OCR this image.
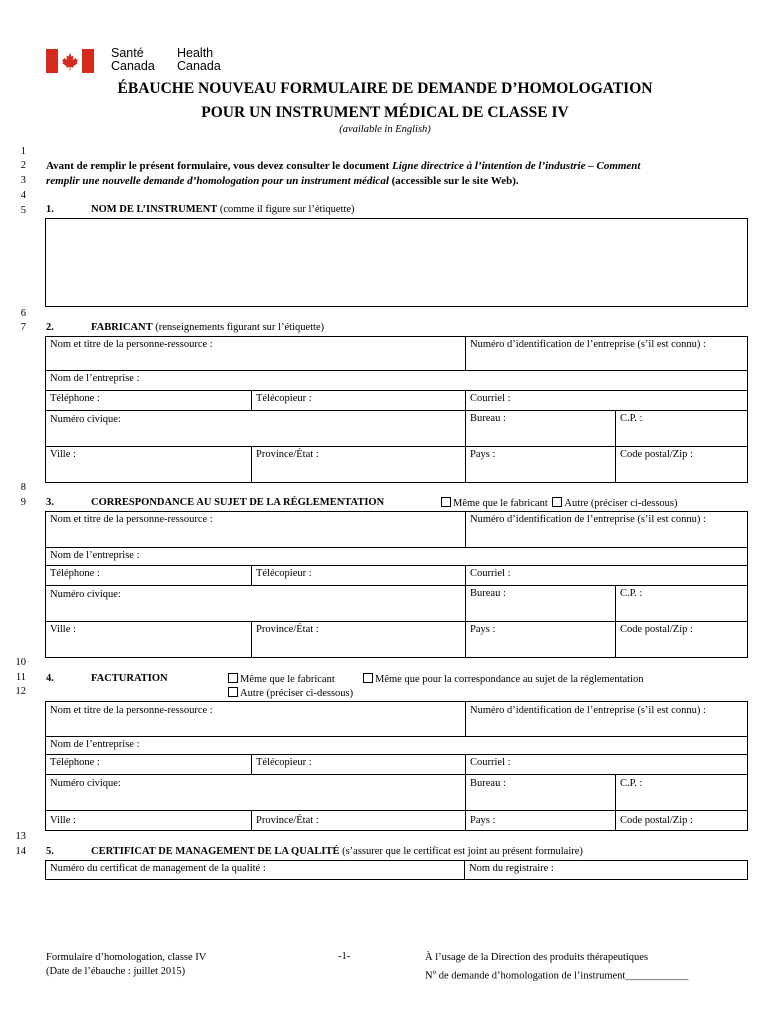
Santé
Canada
Health
Canada
ÉBAUCHE NOUVEAU FORMULAIRE DE DEMANDE D’HOMOLOGATION
POUR UN INSTRUMENT MÉDICAL DE CLASSE IV
(available in English)
1
2
3
4
5
6
7
8
9
10
11
12
13
14
Avant de remplir le présent formulaire, vous devez consulter le document Ligne directrice à l’intention de l’industrie – Comment
remplir une nouvelle demande d’homologation pour un instrument médical (accessible sur le site Web).
1.	NOM DE L’INSTRUMENT (comme il figure sur l’étiquette)
2.	FABRICANT (renseignements figurant sur l’étiquette)
Nom et titre de la personne-ressource :	Numéro d’identification de l’entreprise (s’il est connu) :
Nom de l’entreprise :
Téléphone :	Télécopieur :	Courriel :
Numéro civique:	Bureau :	C.P. :
Ville :	Province/État :	Pays :	Code postal/Zip :
3.	CORRESPONDANCE AU SUJET DE LA RÉGLEMENTATION	Même que le fabricant Autre (préciser ci-dessous)
Nom et titre de la personne-ressource :	Numéro d’identification de l’entreprise (s’il est connu) :
Nom de l’entreprise :
Téléphone :	Télécopieur :	Courriel :
Numéro civique:	Bureau :	C.P. :
Ville :	Province/État :	Pays :	Code postal/Zip :
4.	FACTURATION	Même que le fabricant	Même que pour la correspondance au sujet de la réglementation
Autre (préciser ci-dessous)
Nom et titre de la personne-ressource :	Numéro d’identification de l’entreprise (s’il est connu) :
Nom de l’entreprise :
Téléphone :	Télécopieur :	Courriel :
Numéro civique:	Bureau :	C.P. :
Ville :	Province/État :	Pays :	Code postal/Zip :
5.	CERTIFICAT DE MANAGEMENT DE LA QUALITÉ (s’assurer que le certificat est joint au présent formulaire)
Numéro du certificat de management de la qualité :	Nom du registraire :
Formulaire d’homologation, classe IV
(Date de l’ébauche : juillet 2015)
-1-	À l’usage de la Direction des produits thérapeutiques
$N^o$ de demande d’homologation de l’instrument____________
